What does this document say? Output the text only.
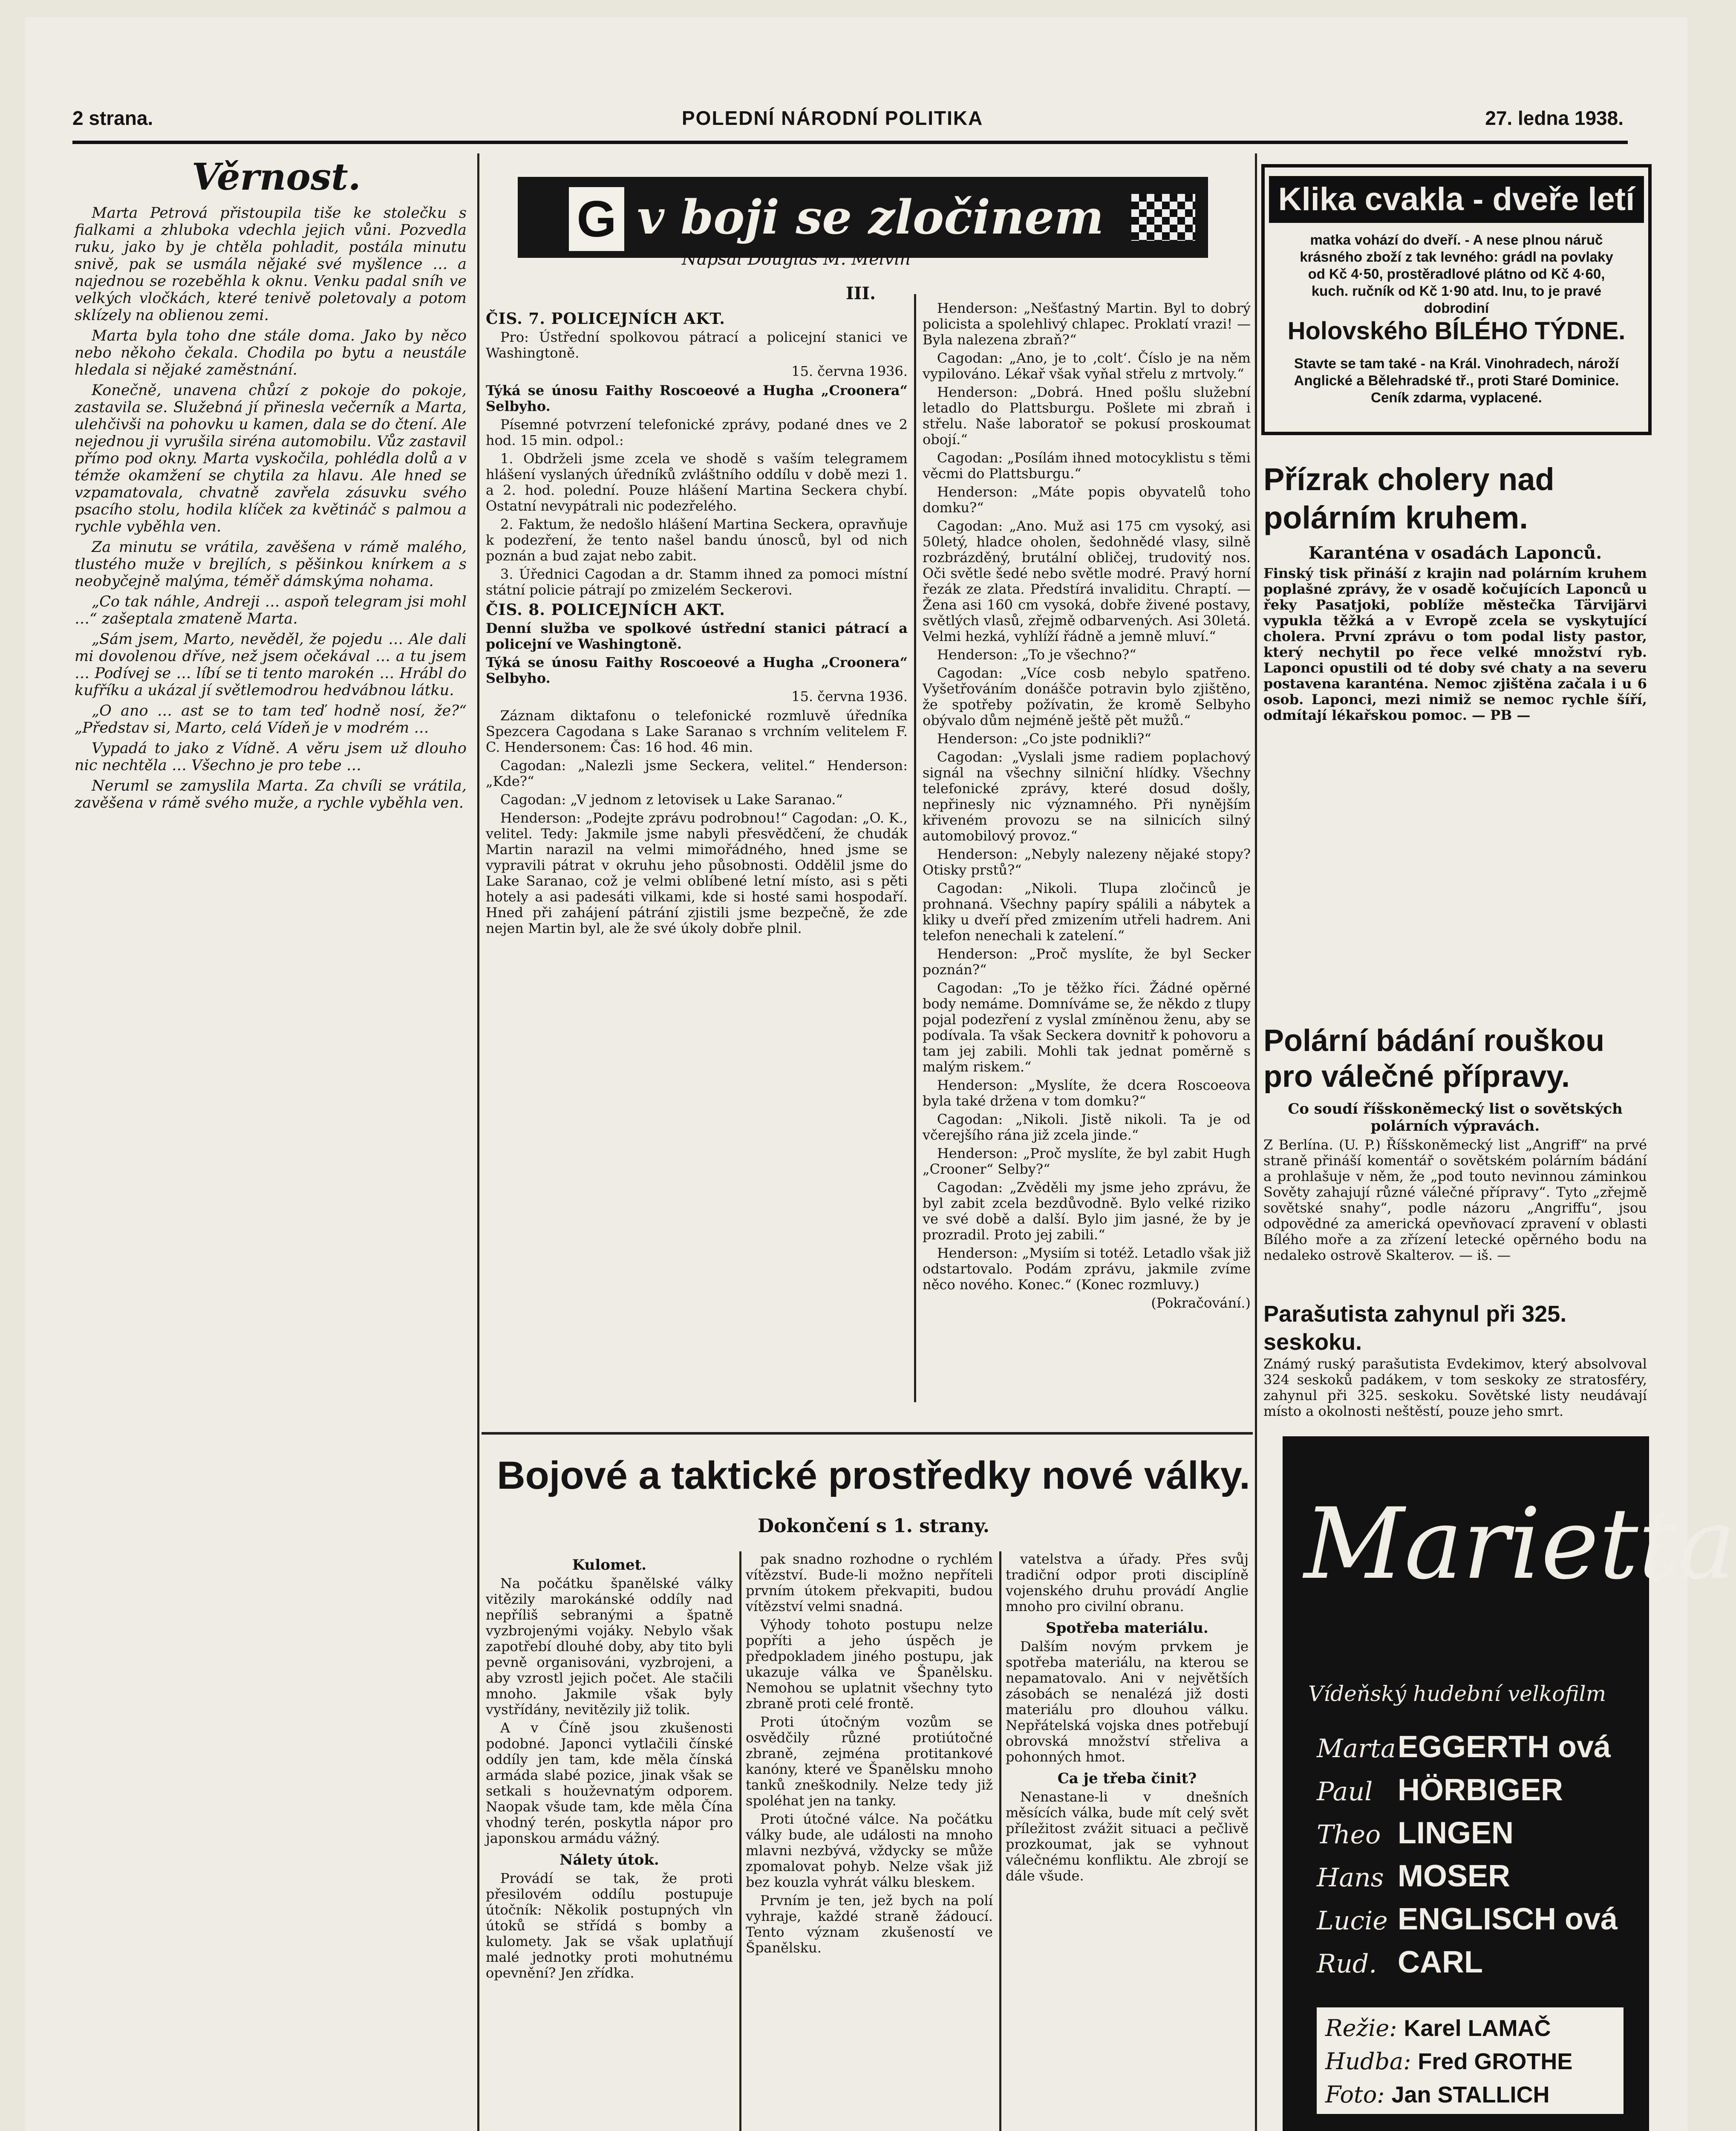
2 strana.	POLEDNÍ NÁRODNÍ POLITIKA	27. ledna 1938.
Věrnost.

Marta Petrová přistoupila tiše ke stolečku s fialkami a zhluboka vdechla jejich vůni. Pozvedla ruku, jako by je chtěla pohladit, postála minutu snivě, pak se usmála nějaké své myšlence … a najednou se rozeběhla k oknu. Venku padal sníh ve velkých vločkách, které tenivě poletovaly a potom sklízely na oblienou zemi.

Marta byla toho dne stále doma. Jako by něco nebo někoho čekala. Chodila po bytu a neustále hledala si nějaké zaměstnání.

Konečně, unavena chůzí z pokoje do pokoje, zastavila se. Služebná jí přinesla večerník a Marta, ulehčivši na pohovku u kamen, dala se do čtení. Ale nejednou ji vyrušila siréna automobilu. Vůz zastavil přímo pod okny. Marta vyskočila, pohlédla dolů a v témže okamžení se chytila za hlavu. Ale hned se vzpamatovala, chvatně zavřela zásuvku svého psacího stolu, hodila klíček za květináč s palmou a rychle vyběhla ven.

Za minutu se vrátila, zavěšena v rámě malého, tlustého muže v brejlích, s pěšinkou knírkem a s neobyčejně malýma, téměř dámskýma nohama.

„Co tak náhle, Andreji … aspoň telegram jsi mohl …“ zašeptala zmateně Marta.

„Sám jsem, Marto, nevěděl, že pojedu … Ale dali mi dovolenou dříve, než jsem očekával … a tu jsem … Podívej se … líbí se ti tento marokén … Hrábl do kufříku a ukázal jí světlemodrou hedvábnou látku.

„O ano … ast se to tam teď hodně nosí, že?“ „Představ si, Marto, celá Vídeň je v modrém …

Vypadá to jako z Vídně. A věru jsem už dlouho nic nechtěla … Všechno je pro tebe …

Neruml se zamyslila Marta. Za chvíli se vrátila, zavěšena v rámě svého muže, a rychle vyběhla ven.

G v boji se zločinem
Napsal Douglas M. Melvin
III.
ČIS. 7. POLICEJNÍCH AKT.

Pro: Ústřední spolkovou pátrací a policejní stanici ve Washingtoně.

15. června 1936.
Týká se únosu Faithy Roscoeové a Hugha „Croonera“ Selbyho.

Písemné potvrzení telefonické zprávy, podané dnes ve 2 hod. 15 min. odpol.:

1. Obdrželi jsme zcela ve shodě s vaším telegramem hlášení vyslaných úředníků zvláštního oddílu v době mezi 1. a 2. hod. polední. Pouze hlášení Martina Seckera chybí. Ostatní nevypátrali nic podezřelého.

2. Faktum, že nedošlo hlášení Martina Seckera, opravňuje k podezření, že tento našel bandu únosců, byl od nich poznán a bud zajat nebo zabit.

3. Úřednici Cagodan a dr. Stamm ihned za pomoci místní státní policie pátrají po zmizelém Seckerovi.

ČIS. 8. POLICEJNÍCH AKT.
Denní služba ve spolkové ústřední stanici pátrací a policejní ve Washingtoně.
Týká se únosu Faithy Roscoeové a Hugha „Croonera“ Selbyho.
15. června 1936.

Záznam diktafonu o telefonické rozmluvě úředníka Spezcera Cagodana s Lake Saranao s vrchním velitelem F. C. Hendersonem: Čas: 16 hod. 46 min.

Cagodan: „Nalezli jsme Seckera, velitel.“ Henderson: „Kde?“

Cagodan: „V jednom z letovisek u Lake Saranao.“

Henderson: „Podejte zprávu podrobnou!“ Cagodan: „O. K., velitel. Tedy: Jakmile jsme nabyli přesvědčení, že chudák Martin narazil na velmi mimořádného, hned jsme se vypravili pátrat v okruhu jeho působnosti. Oddělil jsme do Lake Saranao, což je velmi oblíbené letní místo, asi s pěti hotely a asi padesáti vilkami, kde si hosté sami hospodaří. Hned při zahájení pátrání zjistili jsme bezpečně, že zde nejen Martin byl, ale že své úkoly dobře plnil.

Henderson: „Nešťastný Martin. Byl to dobrý policista a spolehlivý chlapec. Proklatí vrazi! — Byla nalezena zbraň?“

Cagodan: „Ano, je to ‚colt‘. Číslo je na něm vypilováno. Lékař však vyňal střelu z mrtvoly.“

Henderson: „Dobrá. Hned pošlu služební letadlo do Plattsburgu. Pošlete mi zbraň i střelu. Naše laboratoř se pokusí proskoumat obojí.“

Cagodan: „Posílám ihned motocyklistu s těmi věcmi do Plattsburgu.“

Henderson: „Máte popis obyvatelů toho domku?“

Cagodan: „Ano. Muž asi 175 cm vysoký, asi 50letý, hladce oholen, šedohnědé vlasy, silně rozbrázděný, brutální obličej, trudovitý nos. Oči světle šedé nebo světle modré. Pravý horní řezák ze zlata. Předstírá invaliditu. Chraptí. — Žena asi 160 cm vysoká, dobře živené postavy, světlých vlasů, zřejmě odbarvených. Asi 30letá. Velmi hezká, vyhlíží řádně a jemně mluví.“

Henderson: „To je všechno?“

Cagodan: „Více cosb nebylo spatřeno. Vyšetřováním donášče potravin bylo zjištěno, že spotřeby požívatin, že kromě Selbyho obývalo dům nejméně ještě pět mužů.“

Henderson: „Co jste podnikli?“

Cagodan: „Vyslali jsme radiem poplachový signál na všechny silniční hlídky. Všechny telefonické zprávy, které dosud došly, nepřinesly nic významného. Při nynějším křiveném provozu se na silnicích silný automobilový provoz.“

Henderson: „Nebyly nalezeny nějaké stopy? Otisky prstů?“

Cagodan: „Nikoli. Tlupa zločinců je prohnaná. Všechny papíry spálili a nábytek a kliky u dveří před zmizením utřeli hadrem. Ani telefon nenechali k zatelení.“

Henderson: „Proč myslíte, že byl Secker poznán?“

Cagodan: „To je těžko říci. Žádné opěrné body nemáme. Domníváme se, že někdo z tlupy pojal podezření z vyslal zmíněnou ženu, aby se podívala. Ta však Seckera dovnitř k pohovoru a tam jej zabili. Mohli tak jednat poměrně s malým riskem.“

Henderson: „Myslíte, že dcera Roscoeova byla také držena v tom domku?“

Cagodan: „Nikoli. Jistě nikoli. Ta je od včerejšího rána již zcela jinde.“

Henderson: „Proč myslíte, že byl zabit Hugh „Crooner“ Selby?“

Cagodan: „Zvěděli my jsme jeho zprávu, že byl zabit zcela bezdůvodně. Bylo velké riziko ve své době a další. Bylo jim jasné, že by je prozradil. Proto jej zabili.“

Henderson: „Mysiím si totéž. Letadlo však již odstartovalo. Podám zprávu, jakmile zvíme něco nového. Konec.“ (Konec rozmluvy.)

(Pokračování.)
Bojové a taktické prostředky nové války.
Dokončení s 1. strany.
Kulomet.

Na počátku španělské války vitězily marokánské oddíly nad nepříliš sebranými a špatně vyzbrojenými vojáky. Nebylo však zapotřebí dlouhé doby, aby tito byli pevně organisováni, vyzbrojeni, a aby vzrostl jejich počet. Ale stačili mnoho. Jakmile však byly vystřídány, nevitězily již tolik.

A v Číně jsou zkušenosti podobné. Japonci vytlačili čínské oddíly jen tam, kde měla čínská armáda slabé pozice, jinak však se setkali s houževnatým odporem. Naopak všude tam, kde měla Čína vhodný terén, poskytla nápor pro japonskou armádu vážný.

Nálety útok.

Provádí se tak, že proti přesilovém oddílu postupuje útočník: Několik postupných vln útoků se střídá s bomby a kulomety. Jak se však uplatňují malé jednotky proti mohutnému opevnění? Jen zřídka.

pak snadno rozhodne o rychlém vítězství. Bude-li možno nepříteli prvním útokem překvapiti, budou vítězství velmi snadná.

Výhody tohoto postupu nelze popříti a jeho úspěch je předpokladem jiného postupu, jak ukazuje válka ve Španělsku. Nemohou se uplatnit všechny tyto zbraně proti celé frontě.

Proti útočným vozům se osvědčily různé protiútočné zbraně, zejména protitankové kanóny, které ve Španělsku mnoho tanků zneškodnily. Nelze tedy již spoléhat jen na tanky.

Proti útočné válce. Na počátku války bude, ale události na mnoho mlavni nezbývá, vždycky se může zpomalovat pohyb. Nelze však již bez kouzla vyhrát válku bleskem.

Prvním je ten, jež bych na polí vyhraje, každé straně žádoucí. Tento význam zkušeností ve Španělsku.

vatelstva a úřady. Přes svůj tradiční odpor proti disciplíně vojenského druhu provádí Anglie mnoho pro civilní obranu.

Spotřeba materiálu.

Dalším novým prvkem je spotřeba materiálu, na kterou se nepamatovalo. Ani v největších zásobách se nenalézá již dosti materiálu pro dlouhou válku. Nepřátelská vojska dnes potřebují obrovská množství střeliva a pohonných hmot.

Ca je třeba činit?

Nenastane-li v dnešních měsících válka, bude mít celý svět příležitost zvážit situaci a pečlivě prozkoumat, jak se vyhnout válečnému konfliktu. Ale zbrojí se dále všude.

Klika cvakla - dveře letí
matka vohází do dveří. - A nese plnou náruč krásného zboží z tak levného: grádl na povlaky od Kč 4·50, prostěradlové plátno od Kč 4·60, kuch. ručník od Kč 1·90 atd. Inu, to je pravé dobrodiní
Holovského BÍLÉHO TÝDNE.
Stavte se tam také - na Král. Vinohradech, nároží Anglické a Bělehradské tř., proti Staré Dominice. Ceník zdarma, vyplacené.
Přízrak cholery nad polárním kruhem.
Karanténa v osadách Laponců.
Finský tisk přináší z krajin nad polárním kruhem poplašné zprávy, že v osadě kočujících Laponců u řeky Pasatjoki, poblíže městečka Tärvijärvi vypukla těžká a v Evropě zcela se vyskytující cholera. První zprávu o tom podal listy pastor, který nechytil po řece velké množství ryb. Laponci opustili od té doby své chaty a na severu postavena karanténa. Nemoc zjištěna začala i u 6 osob. Laponci, mezi nimiž se nemoc rychle šíří, odmítají lékařskou pomoc. — PB —
Polární bádání rouškou pro válečné přípravy.
Co soudí říšskoněmecký list o sovětských polárních výpravách.
Z Berlína. (U. P.) Říšskoněmecký list „Angriff“ na prvé straně přináší komentář o sovětském polárním bádání a prohlašuje v něm, že „pod touto nevinnou záminkou Sověty zahajují různé válečné přípravy“. Tyto „zřejmě sovětské snahy“, podle názoru „Angriffu“, jsou odpovědné za americká opevňovací zpravení v oblasti Bílého moře a za zřízení letecké opěrného bodu na nedaleko ostrově Skalterov. — iš. —
Parašutista zahynul při 325. seskoku.
Známý ruský parašutista Evdekimov, který absolvoval 324 seskoků padákem, v tom seskoky ze stratosféry, zahynul při 325. seskoku. Sovětské listy neudávají místo a okolnosti neštěstí, pouze jeho smrt.
Marietta
Vídeňský hudební velkofilm
MartaEGGERTH ová
Paul HÖRBIGER
Theo LINGEN
Hans MOSER
Lucie ENGLISCH ová
Rud. CARL
Režie: Karel LAMAČ
Hudba: Fred GROTHE
Foto: Jan STALLICH
